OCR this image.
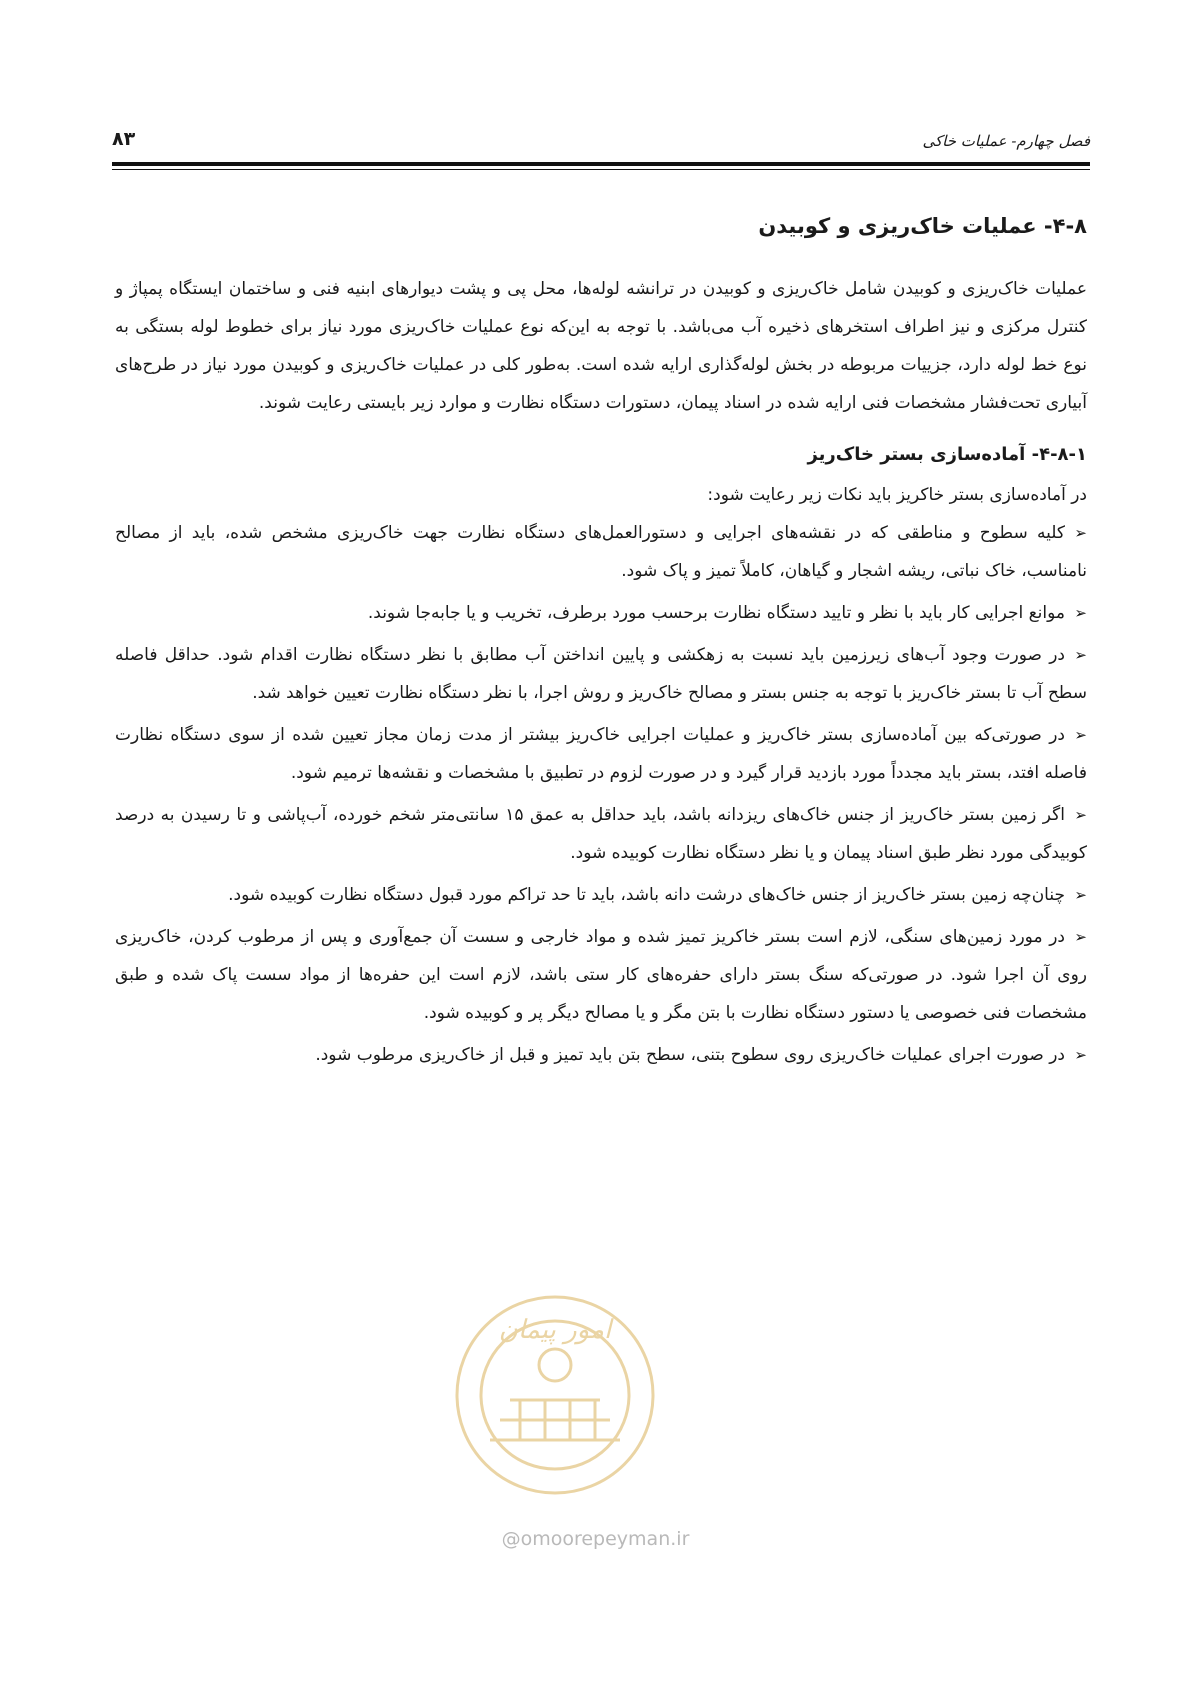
فصل چهارم- عملیات خاکی
۸۳
۴-۸- عملیات خاک‌ریزی و کوبیدن

عملیات خاک‌ریزی و کوبیدن شامل خاک‌ریزی و کوبیدن در ترانشه لوله‌ها، محل پی و پشت دیوارهای ابنیه فنی و ساختمان ایستگاه پمپاژ و کنترل مرکزی و نیز اطراف استخرهای ذخیره آب می‌باشد. با توجه به این‌که نوع عملیات خاک‌ریزی مورد نیاز برای خطوط لوله بستگی به نوع خط لوله دارد، جزییات مربوطه در بخش لوله‌گذاری ارایه شده است. به‌طور کلی در عملیات خاک‌ریزی و کوبیدن مورد نیاز در طرح‌های آبیاری تحت‌فشار مشخصات فنی ارایه شده در اسناد پیمان، دستورات دستگاه نظارت و موارد زیر بایستی رعایت شوند.

۴-۸-۱- آماده‌سازی بستر خاک‌ریز

در آماده‌سازی بستر خاکریز باید نکات زیر رعایت شود:

➢کلیه سطوح و مناطقی که در نقشه‌های اجرایی و دستورالعمل‌های دستگاه نظارت جهت خاک‌ریزی مشخص شده، باید از مصالح نامناسب، خاک نباتی، ریشه اشجار و گیاهان، کاملاً تمیز و پاک شود.
➢موانع اجرایی کار باید با نظر و تایید دستگاه نظارت برحسب مورد برطرف، تخریب و یا جابه‌جا شوند.
➢در صورت وجود آب‌های زیرزمین باید نسبت به زهکشی و پایین انداختن آب مطابق با نظر دستگاه نظارت اقدام شود. حداقل فاصله سطح آب تا بستر خاک‌ریز با توجه به جنس بستر و مصالح خاک‌ریز و روش اجرا، با نظر دستگاه نظارت تعیین خواهد شد.
➢در صورتی‌که بین آماده‌سازی بستر خاک‌ریز و عملیات اجرایی خاک‌ریز بیشتر از مدت زمان مجاز تعیین شده از سوی دستگاه نظارت فاصله افتد، بستر باید مجدداً مورد بازدید قرار گیرد و در صورت لزوم در تطبیق با مشخصات و نقشه‌ها ترمیم شود.
➢اگر زمین بستر خاک‌ریز از جنس خاک‌های ریزدانه باشد، باید حداقل به عمق ۱۵ سانتی‌متر شخم خورده، آب‌پاشی و تا رسیدن به درصد کوبیدگی مورد نظر طبق اسناد پیمان و یا نظر دستگاه نظارت کوبیده شود.
➢چنان‌چه زمین بستر خاک‌ریز از جنس خاک‌های درشت دانه باشد، باید تا حد تراکم مورد قبول دستگاه نظارت کوبیده شود.
➢در مورد زمین‌های سنگی، لازم است بستر خاکریز تمیز شده و مواد خارجی و سست آن جمع‌آوری و پس از مرطوب کردن، خاک‌ریزی روی آن اجرا شود. در صورتی‌که سنگ بستر دارای حفره‌های کار ستی باشد، لازم است این حفره‌ها از مواد سست پاک شده و طبق مشخصات فنی خصوصی یا دستور دستگاه نظارت با بتن مگر و یا مصالح دیگر پر و کوبیده شود.
➢در صورت اجرای عملیات خاک‌ریزی روی سطوح بتنی، سطح بتن باید تمیز و قبل از خاک‌ریزی مرطوب شود.
امور پیمان
@omoorepeyman.ir
